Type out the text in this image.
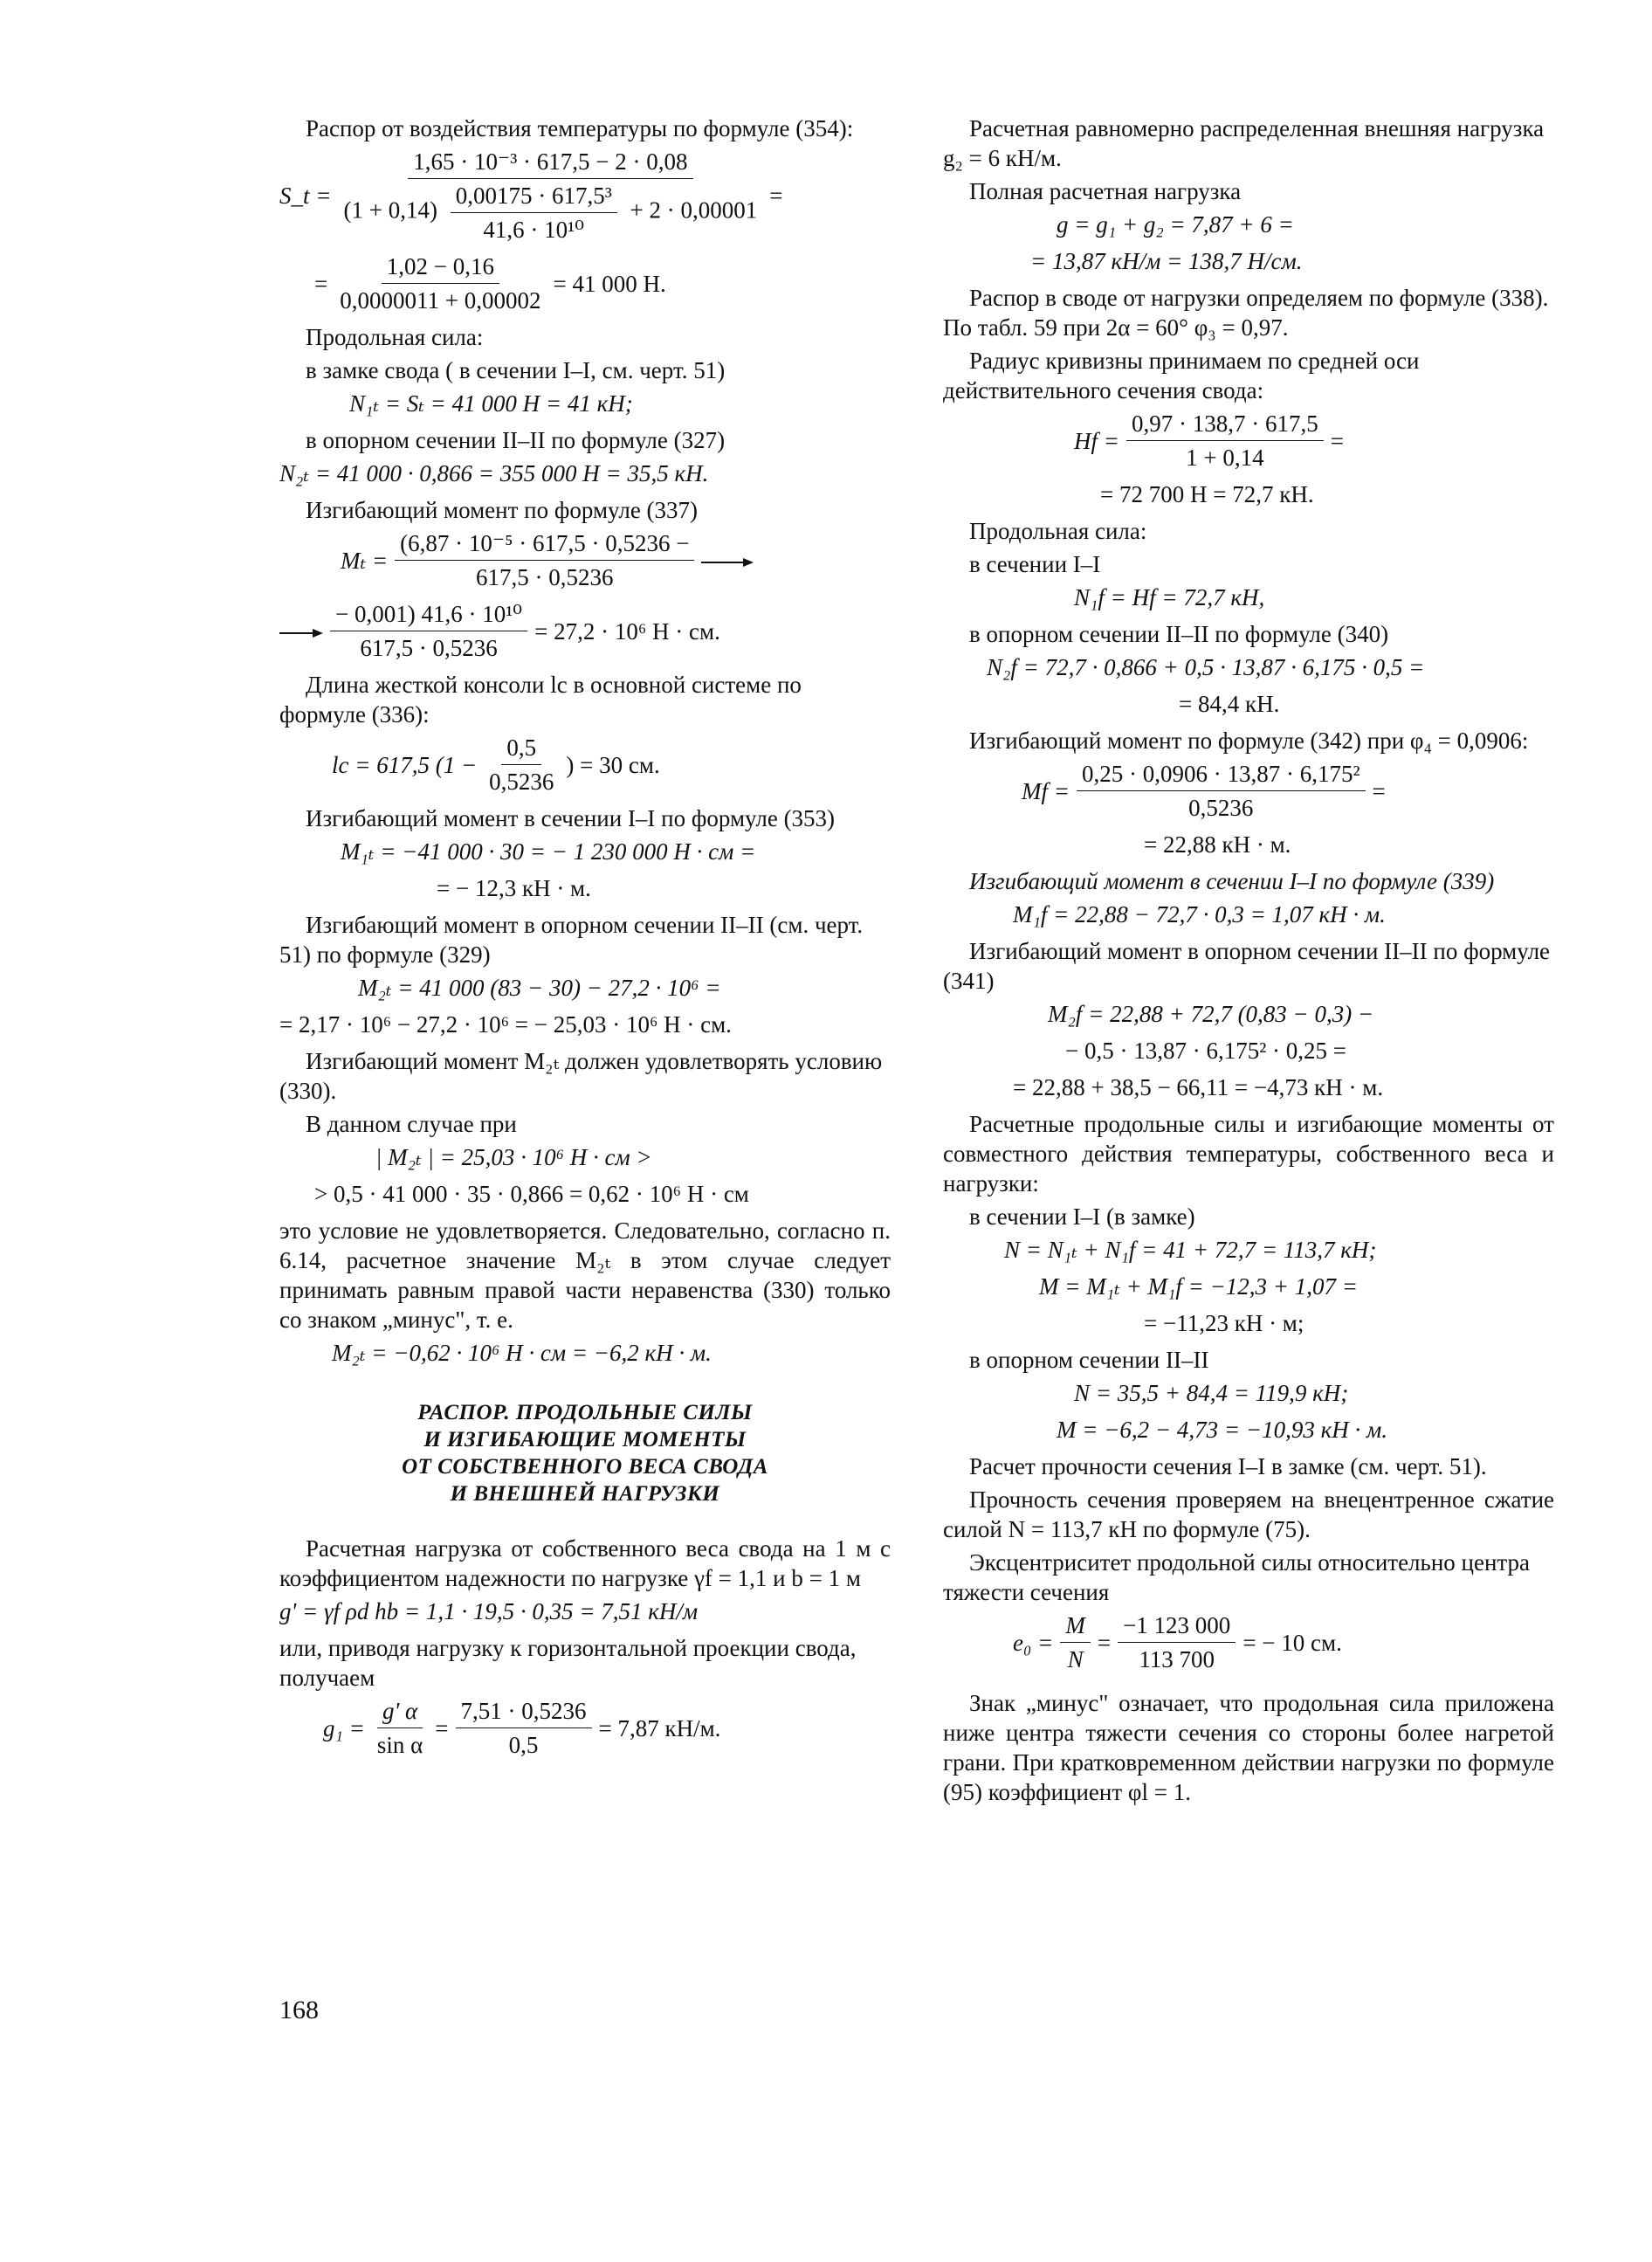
Распор от воздействия температуры по формуле (354):

S_t =
1,65 · 10⁻³ · 617,5 − 2 · 0,08
$(1 + 0,14) \frac{\text{0,00175 · 617,5³}}{\text{41,6 · 10¹⁰}} + 2 \cdot 0,00001$
=
= $\frac{1,02 - 0,16}{0,0000011 + 0,00002} = 41$ 000 Н.

Продольная сила:

в замке свода ( в сечении I–I, см. черт. 51)

N₁ₜ = Sₜ = 41 000 Н = 41 кН;

в опорном сечении II–II по формуле (327)

N₂ₜ = 41 000 · 0,866 = 355 000 Н = 35,5 кН.

Изгибающий момент по формуле (337)

$M_t = \frac{\text{(6,87 · 10⁻⁵ · 617,5 · 0,5236 −}}{617,5 \cdot 0,5236}$
$\frac{\text{− 0,001) 41,6 · 10¹⁰}}{617,5 \cdot 0,5236} = 27,2 \cdot 10^6$ Н · см.

Длина жесткой консоли lc в основной системе по формуле (336):

lc = 617,5 ($1 - \frac{0,5}{0,5236}$ ) = 30 см.

Изгибающий момент в сечении I–I по формуле (353)

M₁ₜ = −41 000 · 30 = − 1 230 000 Н · см =
= − 12,3 кН · м.

Изгибающий момент в опорном сечении II–II (см. черт. 51) по формуле (329)

M₂ₜ = 41 000 (83 − 30) − 27,2 · 10⁶ =
= 2,17 · 10⁶ − 27,2 · 10⁶ = − 25,03 · 10⁶ Н · см.

Изгибающий момент M₂ₜ должен удовлетворять условию (330).

В данном случае при

| M₂ₜ | = 25,03 · 10⁶ Н · см >
> 0,5 · 41 000 · 35 · 0,866 = 0,62 · 10⁶ Н · см

это условие не удовлетворяется. Следовательно, согласно п. 6.14, расчетное значение M₂ₜ в этом случае следует принимать равным правой части неравенства (330) только со знаком „минус", т. е.

M₂ₜ = −0,62 · 10⁶ Н · см = −6,2 кН · м.
РАСПОР. ПРОДОЛЬНЫЕ СИЛЫ
И ИЗГИБАЮЩИЕ МОМЕНТЫ
ОТ СОБСТВЕННОГО ВЕСА СВОДА
И ВНЕШНЕЙ НАГРУЗКИ

Расчетная нагрузка от собственного веса свода на 1 м с коэффициентом надежности по нагрузке γf = 1,1 и b = 1 м

g' = γf ρd hb = 1,1 · 19,5 · 0,35 = 7,51 кН/м

или, приводя нагрузку к горизонтальной проекции свода, получаем

$g_1 = \frac{g' \alpha}{\text{sin α}} = \frac{7,51 \cdot 0,5236}{0,5} = 7,87$ кН/м.

Расчетная равномерно распределенная внешняя нагрузка g₂ = 6 кН/м.

Полная расчетная нагрузка

g = g₁ + g₂ = 7,87 + 6 =
= 13,87 кН/м = 138,7 Н/см.

Распор в своде от нагрузки определяем по формуле (338). По табл. 59 при 2α = 60° φ₃ = 0,97.

Радиус кривизны принимаем по средней оси действительного сечения свода:

$Hf = \frac{0,97 \cdot 138,7 \cdot 617,5}{1 + 0,14}$ =
= 72 700 Н = 72,7 кН.

Продольная сила:

в сечении I–I

N₁f = Hf = 72,7 кН,

в опорном сечении II–II по формуле (340)

N₂f = 72,7 · 0,866 + 0,5 · 13,87 · 6,175 · 0,5 =
= 84,4 кН.

Изгибающий момент по формуле (342) при φ₄ = 0,0906:

$Mf = \frac{\text{0,25 · 0,0906 · 13,87 · 6,175²}}{0,5236}$ =
= 22,88 кН · м.

Изгибающий момент в сечении I–I по формуле (339)

M₁f = 22,88 − 72,7 · 0,3 = 1,07 кН · м.

Изгибающий момент в опорном сечении II–II по формуле (341)

M₂f = 22,88 + 72,7 (0,83 − 0,3) −
− 0,5 · 13,87 · 6,175² · 0,25 =
= 22,88 + 38,5 − 66,11 = −4,73 кН · м.

Расчетные продольные силы и изгибающие моменты от совместного действия температуры, собственного веса и нагрузки:

в сечении I–I (в замке)

N = N₁ₜ + N₁f = 41 + 72,7 = 113,7 кН;
M = M₁ₜ + M₁f = −12,3 + 1,07 =
= −11,23 кН · м;

в опорном сечении II–II

N = 35,5 + 84,4 = 119,9 кН;
M = −6,2 − 4,73 = −10,93 кН · м.

Расчет прочности сечения I–I в замке (см. черт. 51).

Прочность сечения проверяем на внецентренное сжатие силой N = 113,7 кН по формуле (75).

Эксцентриситет продольной силы относительно центра тяжести сечения

$e_0 = \frac{M}{N} = \frac{-1 123 000}{113 700}$ = − 10 см.

Знак „минус" означает, что продольная сила приложена ниже центра тяжести сечения со стороны более нагретой грани. При кратковременном действии нагрузки по формуле (95) коэффициент φl = 1.

168
